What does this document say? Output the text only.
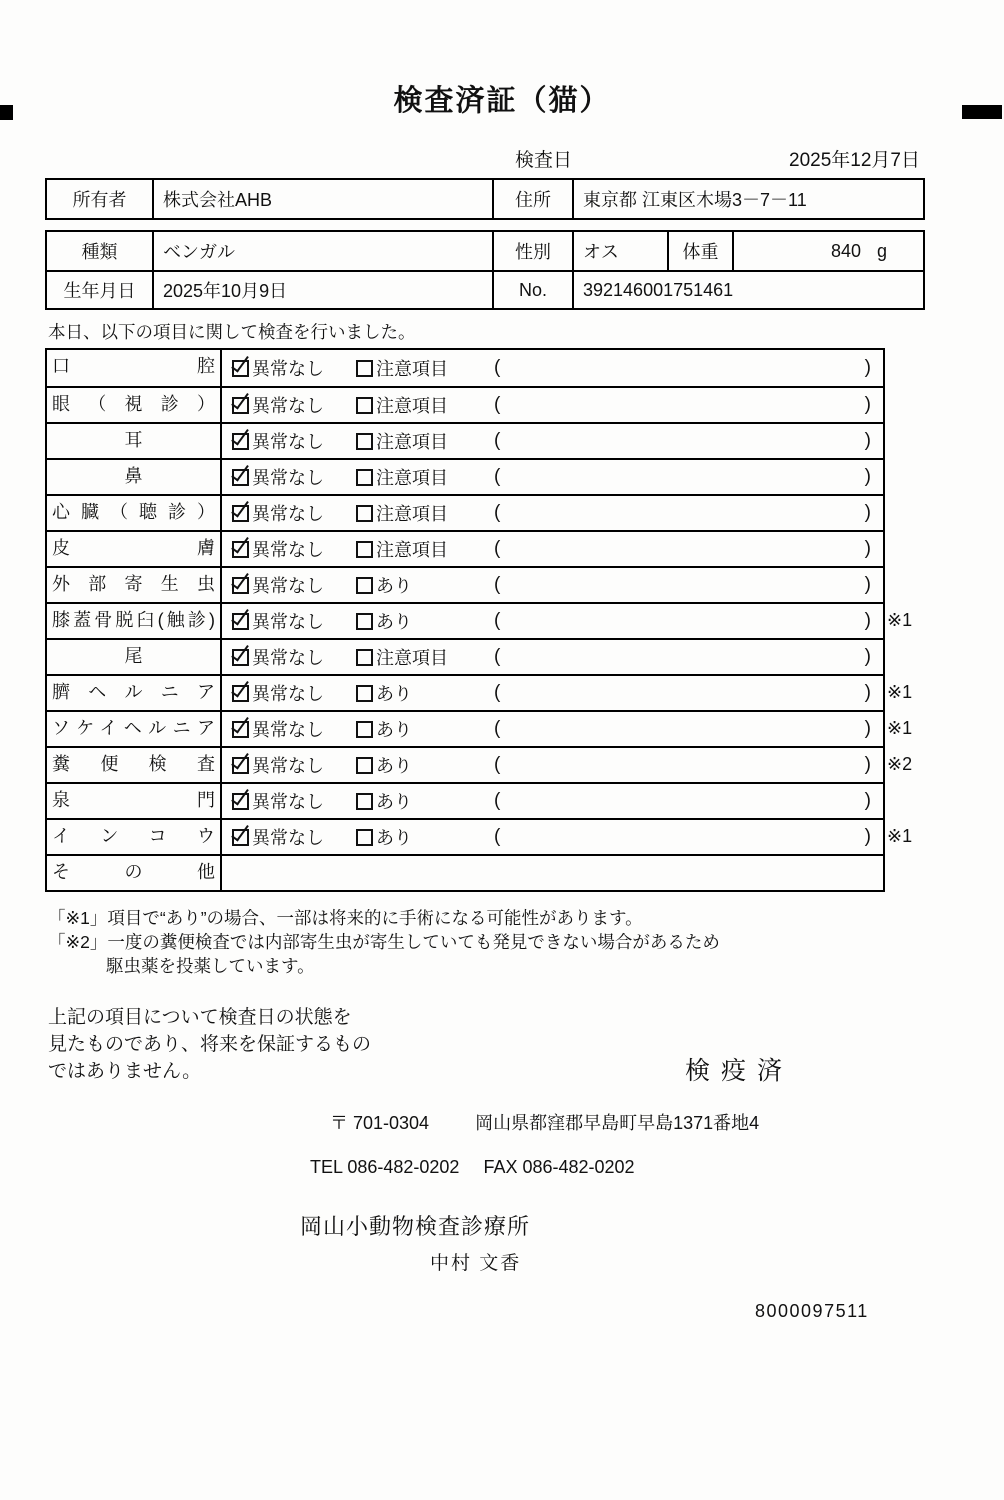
検査済証（猫）
検査日	2025年12月7日
所有者	株式会社AHB	住所	東京都 江東区木場3－7－11
種類	ベンガル	性別	オス	体重	840 g
生年月日	2025年10月9日	No.	392146001751461
本日、以下の項目に関して検査を行いました。
口腔	異常なし	注意項目 (	)
眼（視診）	異常なし	注意項目 (	)
耳	異常なし	注意項目 (	)
鼻	異常なし	注意項目 (	)
心臓（聴診）	異常なし	注意項目 (	)
皮膚	異常なし	注意項目 (	)
外部寄生虫	異常なし	あり	(	)
膝蓋骨脱臼(触診)	異常なし	あり	(	) ※1
尾	異常なし	注意項目 (	)
臍ヘルニア	異常なし	あり	(	) ※1
ソケイヘルニア	異常なし	あり	(	) ※1
糞便検査	異常なし	あり	(	) ※2
泉門	異常なし	あり	(	)
インコウ	異常なし	あり	(	) ※1
その他
「※1」項目で“あり”の場合、一部は将来的に手術になる可能性があります。
「※2」一度の糞便検査では内部寄生虫が寄生していても発見できない場合があるため
駆虫薬を投薬しています。
上記の項目について検査日の状態を
見たものであり、将来を保証するもの
ではありません。	検疫済
〒 701-0304	岡山県都窪郡早島町早島1371番地4
TEL 086-482-0202 FAX 086-482-0202
岡山小動物検査診療所
中村 文香
8000097511
